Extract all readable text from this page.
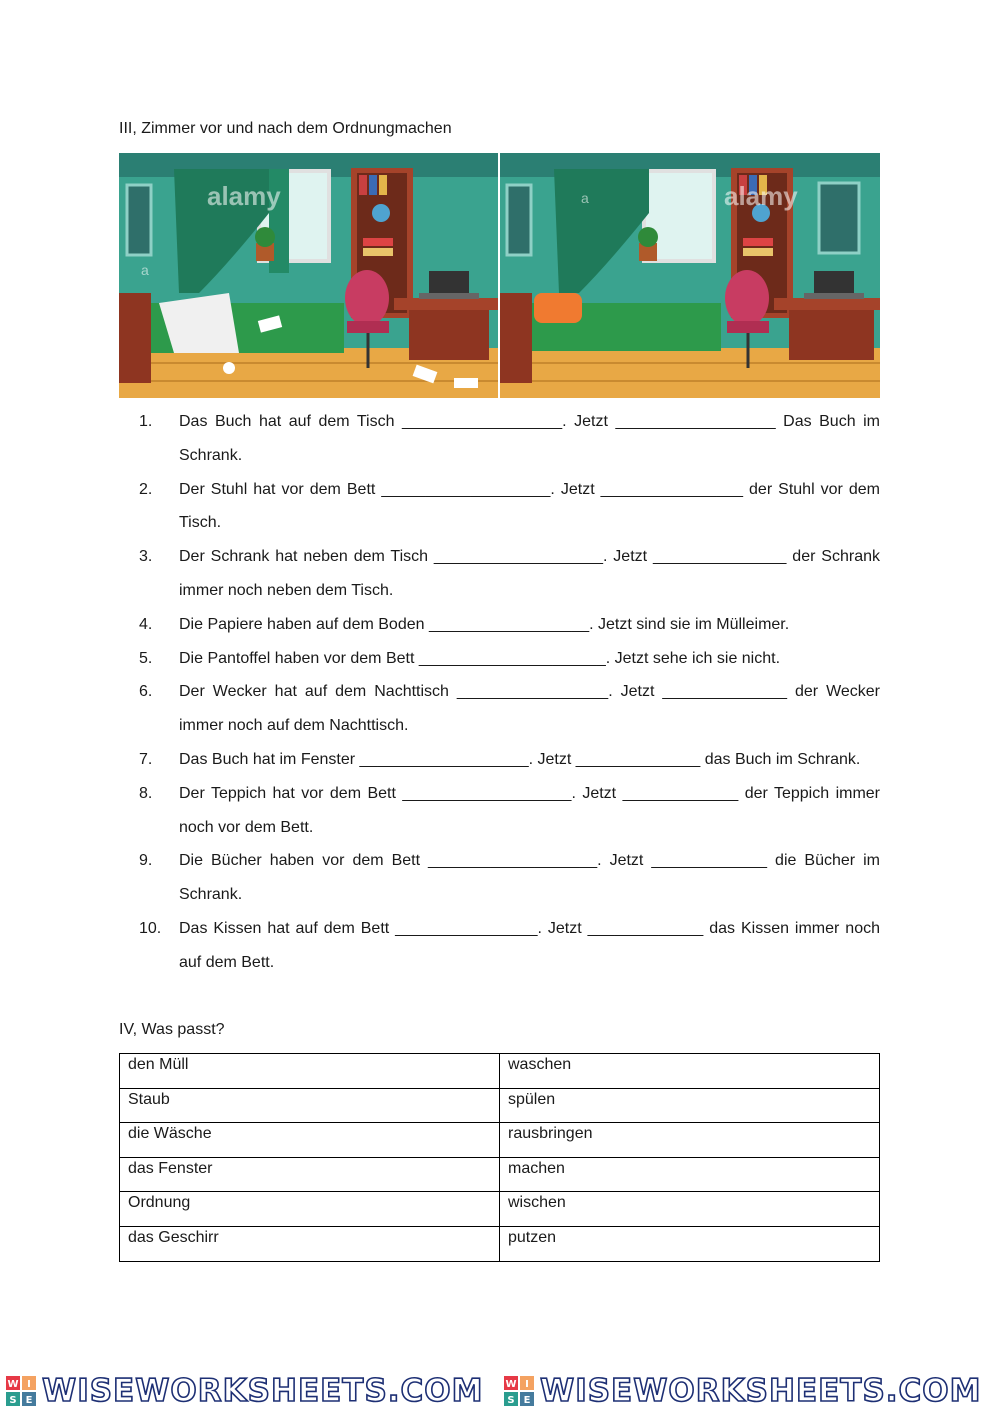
III, Zimmer vor und nach dem Ordnungmachen
alamy
a
alamy
a
1.	Das Buch hat auf dem Tisch __________________. Jetzt __________________ Das Buch im Schrank.
2.	Der Stuhl hat vor dem Bett ___________________. Jetzt ________________ der Stuhl vor dem Tisch.
3.	Der Schrank hat neben dem Tisch ___________________. Jetzt _______________ der Schrank immer noch neben dem Tisch.
4.	Die Papiere haben auf dem Boden __________________. Jetzt sind sie im Mülleimer.
5.	Die Pantoffel haben vor dem Bett _____________________. Jetzt sehe ich sie nicht.
6.	Der Wecker hat auf dem Nachttisch _________________. Jetzt ______________ der Wecker immer noch auf dem Nachttisch.
7.	Das Buch hat im Fenster ___________________. Jetzt ______________ das Buch im Schrank.
8.	Der Teppich hat vor dem Bett ___________________. Jetzt _____________ der Teppich immer noch vor dem Bett.
9.	Die Bücher haben vor dem Bett ___________________. Jetzt _____________ die Bücher im Schrank.
10.	Das Kissen hat auf dem Bett ________________. Jetzt _____________ das Kissen immer noch auf dem Bett.
IV, Was passt?
den Müll	waschen
Staub	spülen
die Wäsche	rausbringen
das Fenster	machen
Ordnung	wischen
das Geschirr	putzen
W I
S E WISEWORKSHEETS.COM W I
S E WISEWORKSHEETS.COM
